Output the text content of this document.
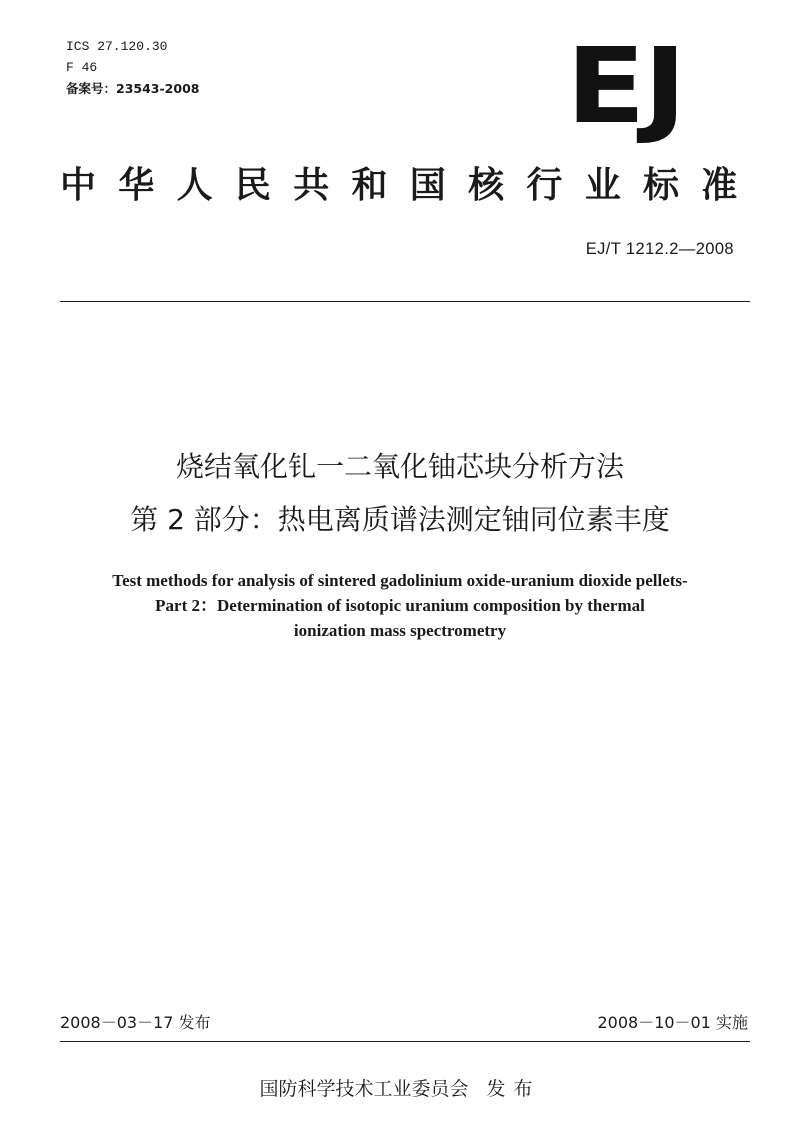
ICS 27.120.30
F 46
备案号：23543-2008	EJ
中华人民共和国核行业标准
EJ/T 1212.2—2008
烧结氧化钆一二氧化铀芯块分析方法
第 2 部分：热电离质谱法测定铀同位素丰度
Test methods for analysis of sintered gadolinium oxide-uranium dioxide pellets-
Part 2：Determination of isotopic uranium composition by thermal
ionization mass spectrometry
2008－03－17 发布	2008－10－01 实施
国防科学技术工业委员会 发布
